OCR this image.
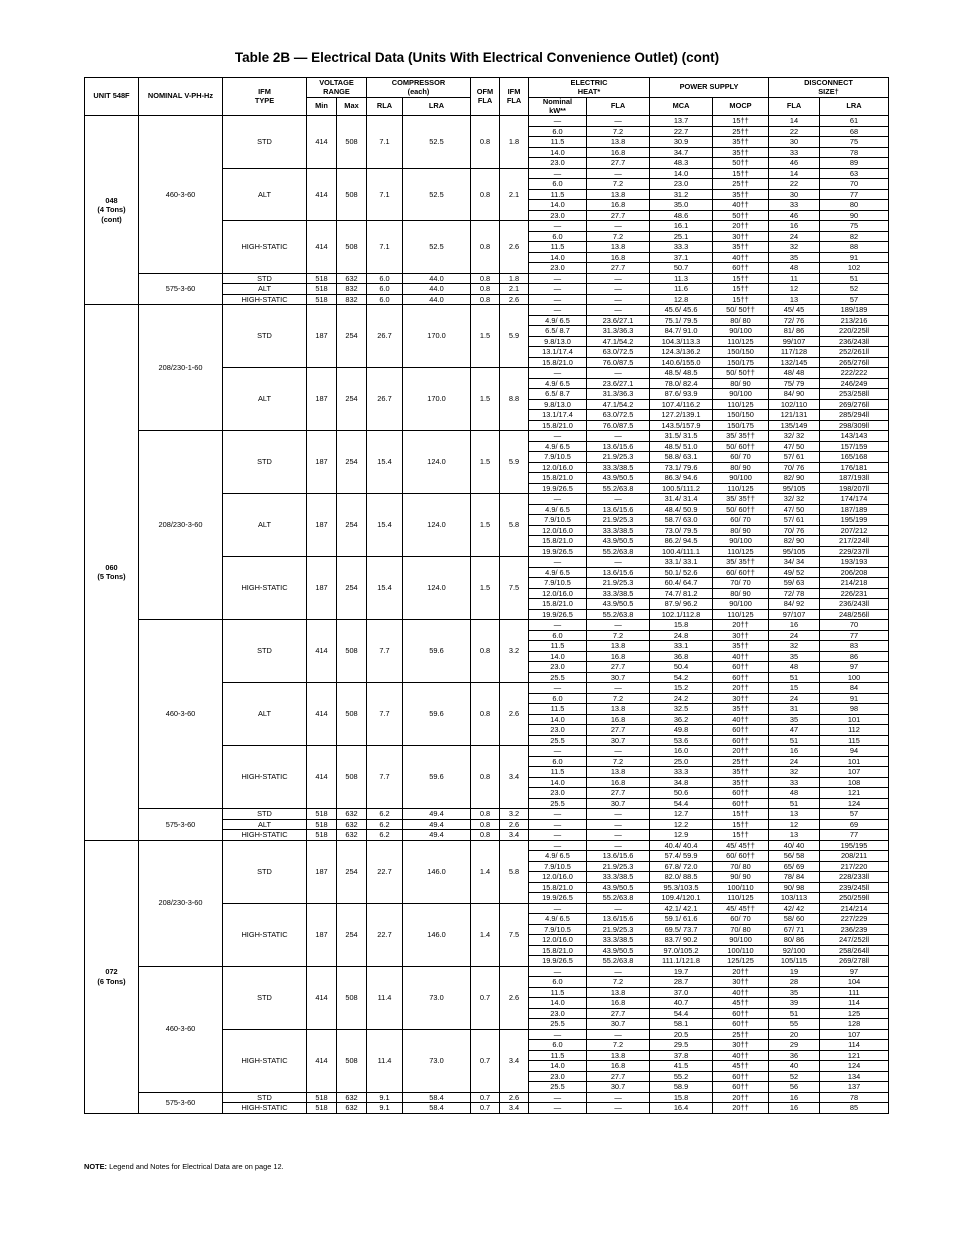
Table 2B — Electrical Data (Units With Electrical Convenience Outlet) (cont)
UNIT 548F	NOMINAL V-PH-Hz	IFM TYPE	VOLTAGE RANGE		COMPRESSOR (each)		OFM FLA	IFM FLA	ELECTRIC HEAT*		POWER SUPPLY		DISCONNECT SIZE†	
			Min	Max	RLA	LRA			Nominal kW**	FLA	MCA	MOCP	FLA	LRA
048
(4 Tons)
(cont)	460-3-60	STD	414	508	7.1	52.5	0.8	1.8	—	—	13.7	15††	14	61
									6.0	7.2	22.7	25††	22	68
									11.5	13.8	30.9	35††	30	75
									14.0	16.8	34.7	35††	33	78
									23.0	27.7	48.3	50††	46	89
		ALT	414	508	7.1	52.5	0.8	2.1	—	—	14.0	15††	14	63
									6.0	7.2	23.0	25††	22	70
									11.5	13.8	31.2	35††	30	77
									14.0	16.8	35.0	40††	33	80
									23.0	27.7	48.6	50††	46	90
		HIGH-STATIC	414	508	7.1	52.5	0.8	2.6	—	—	16.1	20††	16	75
									6.0	7.2	25.1	30††	24	82
									11.5	13.8	33.3	35††	32	88
									14.0	16.8	37.1	40††	35	91
									23.0	27.7	50.7	60††	48	102
	575-3-60	STD	518	632	6.0	44.0	0.8	1.8	—	—	11.3	15††	11	51
		ALT	518	832	6.0	44.0	0.8	2.1	—	—	11.6	15††	12	52
		HIGH-STATIC	518	832	6.0	44.0	0.8	2.6	—	—	12.8	15††	13	57
060
(5 Tons)	208/230-1-60	STD	187	254	26.7	170.0	1.5	5.9	—	—	45.6/ 45.6	50/ 50††	45/ 45	189/189
									4.9/ 6.5	23.6/27.1	75.1/ 79.5	80/ 80	72/ 76	213/216
									6.5/ 8.7	31.3/36.3	84.7/ 91.0	90/100	81/ 86	220/225ll
									9.8/13.0	47.1/54.2	104.3/113.3	110/125	99/107	236/243ll
									13.1/17.4	63.0/72.5	124.3/136.2	150/150	117/128	252/261ll
									15.8/21.0	76.0/87.5	140.6/155.0	150/175	132/145	265/276ll
		ALT	187	254	26.7	170.0	1.5	8.8	—	—	48.5/ 48.5	50/ 50††	48/ 48	222/222
									4.9/ 6.5	23.6/27.1	78.0/ 82.4	80/ 90	75/ 79	246/249
									6.5/ 8.7	31.3/36.3	87.6/ 93.9	90/100	84/ 90	253/258ll
									9.8/13.0	47.1/54.2	107.4/116.2	110/125	102/110	269/276ll
									13.1/17.4	63.0/72.5	127.2/139.1	150/150	121/131	285/294ll
									15.8/21.0	76.0/87.5	143.5/157.9	150/175	135/149	298/309ll
	208/230-3-60	STD	187	254	15.4	124.0	1.5	5.9	—	—	31.5/ 31.5	35/ 35††	32/ 32	143/143
									4.9/ 6.5	13.6/15.6	48.5/ 51.0	50/ 60††	47/ 50	157/159
									7.9/10.5	21.9/25.3	58.8/ 63.1	60/ 70	57/ 61	165/168
									12.0/16.0	33.3/38.5	73.1/ 79.6	80/ 90	70/ 76	176/181
									15.8/21.0	43.9/50.5	86.3/ 94.6	90/100	82/ 90	187/193ll
									19.9/26.5	55.2/63.8	100.5/111.2	110/125	95/105	198/207ll
		ALT	187	254	15.4	124.0	1.5	5.8	—	—	31.4/ 31.4	35/ 35††	32/ 32	174/174
									4.9/ 6.5	13.6/15.6	48.4/ 50.9	50/ 60††	47/ 50	187/189
									7.9/10.5	21.9/25.3	58.7/ 63.0	60/ 70	57/ 61	195/199
									12.0/16.0	33.3/38.5	73.0/ 79.5	80/ 90	70/ 76	207/212
									15.8/21.0	43.9/50.5	86.2/ 94.5	90/100	82/ 90	217/224ll
									19.9/26.5	55.2/63.8	100.4/111.1	110/125	95/105	229/237ll
		HIGH-STATIC	187	254	15.4	124.0	1.5	7.5	—	—	33.1/ 33.1	35/ 35††	34/ 34	193/193
									4.9/ 6.5	13.6/15.6	50.1/ 52.6	60/ 60††	49/ 52	206/208
									7.9/10.5	21.9/25.3	60.4/ 64.7	70/ 70	59/ 63	214/218
									12.0/16.0	33.3/38.5	74.7/ 81.2	80/ 90	72/ 78	226/231
									15.8/21.0	43.9/50.5	87.9/ 96.2	90/100	84/ 92	236/243ll
									19.9/26.5	55.2/63.8	102.1/112.8	110/125	97/107	248/256ll
	460-3-60	STD	414	508	7.7	59.6	0.8	3.2	—	—	15.8	20††	16	70
									6.0	7.2	24.8	30††	24	77
									11.5	13.8	33.1	35††	32	83
									14.0	16.8	36.8	40††	35	86
									23.0	27.7	50.4	60††	48	97
									25.5	30.7	54.2	60††	51	100
		ALT	414	508	7.7	59.6	0.8	2.6	—	—	15.2	20††	15	84
									6.0	7.2	24.2	30††	24	91
									11.5	13.8	32.5	35††	31	98
									14.0	16.8	36.2	40††	35	101
									23.0	27.7	49.8	60††	47	112
									25.5	30.7	53.6	60††	51	115
		HIGH-STATIC	414	508	7.7	59.6	0.8	3.4	—	—	16.0	20††	16	94
									6.0	7.2	25.0	25††	24	101
									11.5	13.8	33.3	35††	32	107
									14.0	16.8	34.8	35††	33	108
									23.0	27.7	50.6	60††	48	121
									25.5	30.7	54.4	60††	51	124
	575-3-60	STD	518	632	6.2	49.4	0.8	3.2	—	—	12.7	15††	13	57
		ALT	518	632	6.2	49.4	0.8	2.6	—	—	12.2	15††	12	69
		HIGH-STATIC	518	632	6.2	49.4	0.8	3.4	—	—	12.9	15††	13	77
072
(6 Tons)	208/230-3-60	STD	187	254	22.7	146.0	1.4	5.8	—	—	40.4/ 40.4	45/ 45††	40/ 40	195/195
									4.9/ 6.5	13.6/15.6	57.4/ 59.9	60/ 60††	56/ 58	208/211
									7.9/10.5	21.9/25.3	67.8/ 72.0	70/ 80	65/ 69	217/220
									12.0/16.0	33.3/38.5	82.0/ 88.5	90/ 90	78/ 84	228/233ll
									15.8/21.0	43.9/50.5	95.3/103.5	100/110	90/ 98	239/245ll
									19.9/26.5	55.2/63.8	109.4/120.1	110/125	103/113	250/259ll
		HIGH-STATIC	187	254	22.7	146.0	1.4	7.5	—	—	42.1/ 42.1	45/ 45††	42/ 42	214/214
									4.9/ 6.5	13.6/15.6	59.1/ 61.6	60/ 70	58/ 60	227/229
									7.9/10.5	21.9/25.3	69.5/ 73.7	70/ 80	67/ 71	236/239
									12.0/16.0	33.3/38.5	83.7/ 90.2	90/100	80/ 86	247/252ll
									15.8/21.0	43.9/50.5	97.0/105.2	100/110	92/100	258/264ll
									19.9/26.5	55.2/63.8	111.1/121.8	125/125	105/115	269/278ll
	460-3-60	STD	414	508	11.4	73.0	0.7	2.6	—	—	19.7	20††	19	97
									6.0	7.2	28.7	30††	28	104
									11.5	13.8	37.0	40††	35	111
									14.0	16.8	40.7	45††	39	114
									23.0	27.7	54.4	60††	51	125
									25.5	30.7	58.1	60††	55	128
		HIGH-STATIC	414	508	11.4	73.0	0.7	3.4	—	—	20.5	25††	20	107
									6.0	7.2	29.5	30††	29	114
									11.5	13.8	37.8	40††	36	121
									14.0	16.8	41.5	45††	40	124
									23.0	27.7	55.2	60††	52	134
									25.5	30.7	58.9	60††	56	137
	575-3-60	STD	518	632	9.1	58.4	0.7	2.6	—	—	15.8	20††	16	78
		HIGH-STATIC	518	632	9.1	58.4	0.7	3.4	—	—	16.4	20††	16	85
NOTE: Legend and Notes for Electrical Data are on page 12.
